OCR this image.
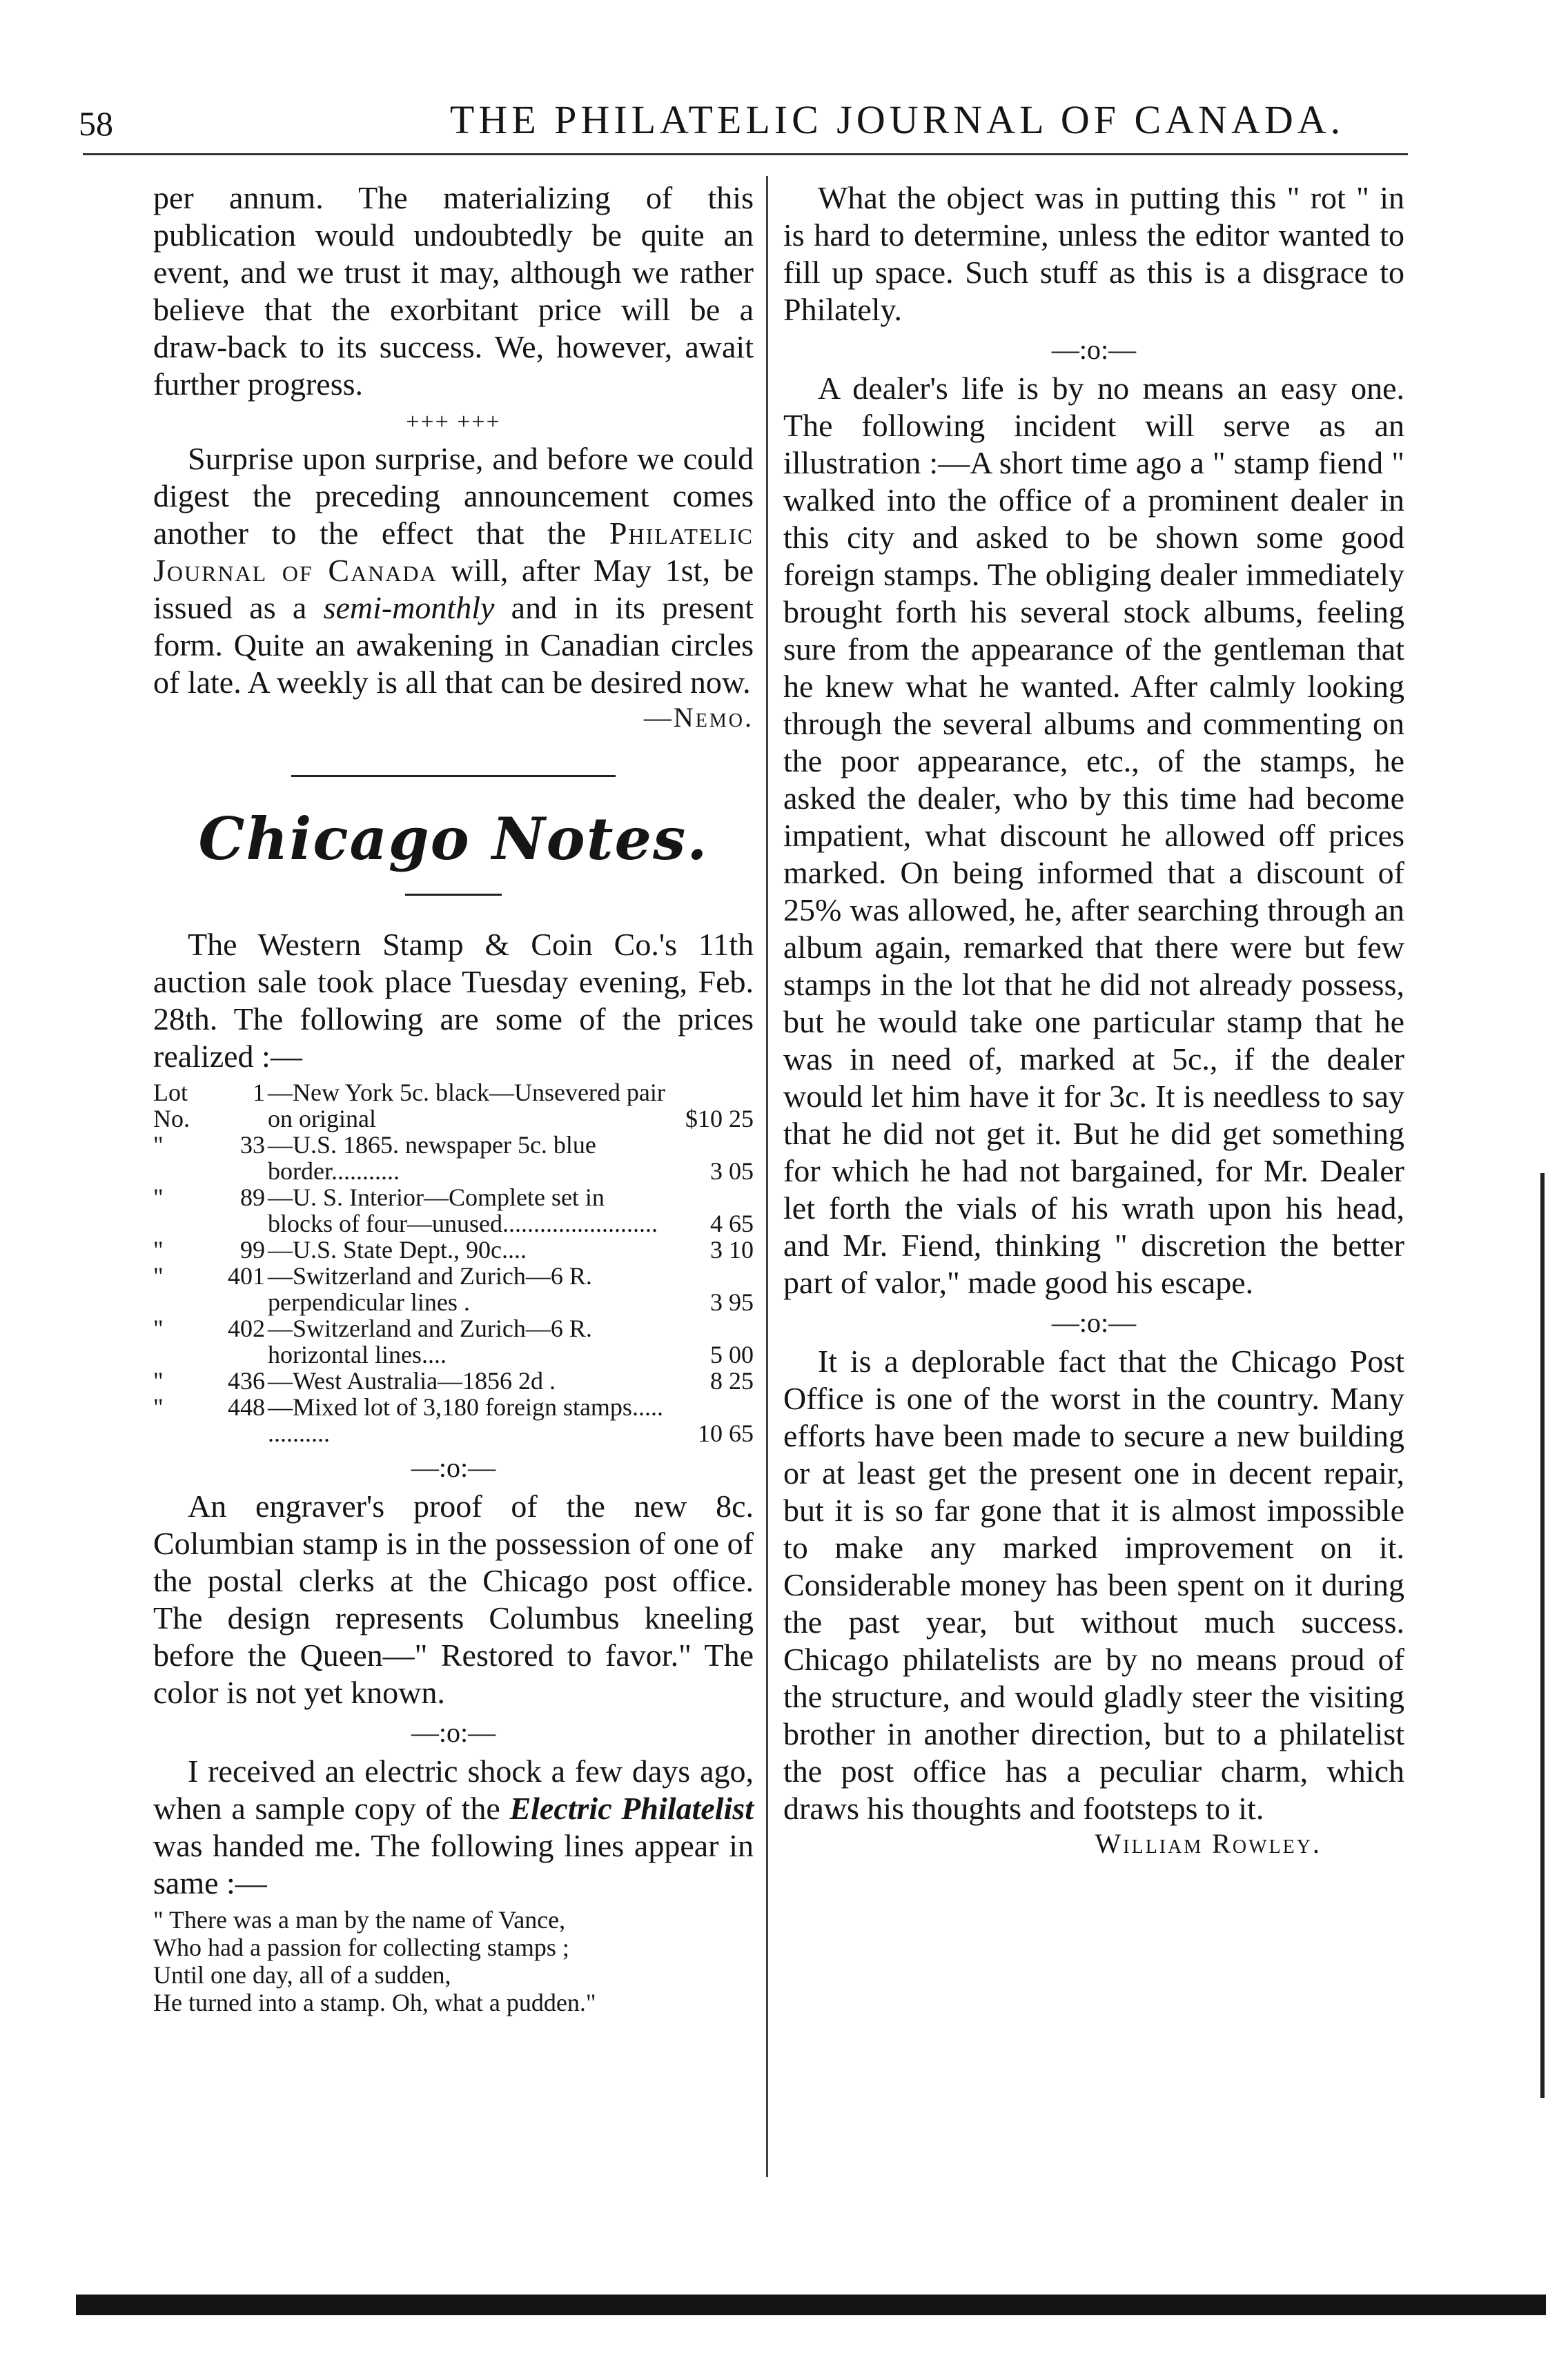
58	THE PHILATELIC JOURNAL OF CANADA.

per annum. The materializing of this publication would undoubtedly be quite an event, and we trust it may, although we rather believe that the exorbitant price will be a draw-back to its success. We, however, await further progress.

+++ +++

Surprise upon surprise, and before we could digest the preceding announcement comes another to the effect that the Philatelic Journal of Canada will, after May 1st, be issued as a semi-monthly and in its present form. Quite an awakening in Canadian circles of late. A weekly is all that can be desired now.

—Nemo.
Chicago Notes.

The Western Stamp & Coin Co.'s 11th auction sale took place Tuesday evening, Feb. 28th. The following are some of the prices realized :—

Lot No.
1 —New York 5c. black—Unsevered pair on original	$10 25
"	33 —U.S. 1865. newspaper 5c. blue border...........	3 05
"	89 —U. S. Interior—Complete set in blocks of four—unused.........................	4 65
"	99 —U.S. State Dept., 90c....	3 10
"	401 —Switzerland and Zurich—6 R. perpendicular lines .	3 95
"	402 —Switzerland and Zurich—6 R. horizontal lines....	5 00
"	436 —West Australia—1856 2d .	8 25
"	448 —Mixed lot of 3,180 foreign stamps..... ..........	10 65
—:o:—

An engraver's proof of the new 8c. Columbian stamp is in the possession of one of the postal clerks at the Chicago post office. The design represents Columbus kneeling before the Queen—" Restored to favor." The color is not yet known.

—:o:—

I received an electric shock a few days ago, when a sample copy of the Electric Philatelist was handed me. The following lines appear in same :—

" There was a man by the name of Vance,
Who had a passion for collecting stamps ;
Until one day, all of a sudden,
He turned into a stamp. Oh, what a pudden."

What the object was in putting this " rot " in is hard to determine, unless the editor wanted to fill up space. Such stuff as this is a disgrace to Philately.

—:o:—

A dealer's life is by no means an easy one. The following incident will serve as an illustration :—A short time ago a " stamp fiend " walked into the office of a prominent dealer in this city and asked to be shown some good foreign stamps. The obliging dealer immediately brought forth his several stock albums, feeling sure from the appearance of the gentleman that he knew what he wanted. After calmly looking through the several albums and commenting on the poor appearance, etc., of the stamps, he asked the dealer, who by this time had become impatient, what discount he allowed off prices marked. On being informed that a discount of 25% was allowed, he, after searching through an album again, remarked that there were but few stamps in the lot that he did not already possess, but he would take one particular stamp that he was in need of, marked at 5c., if the dealer would let him have it for 3c. It is needless to say that he did not get it. But he did get something for which he had not bargained, for Mr. Dealer let forth the vials of his wrath upon his head, and Mr. Fiend, thinking " discretion the better part of valor," made good his escape.

—:o:—

It is a deplorable fact that the Chicago Post Office is one of the worst in the country. Many efforts have been made to secure a new building or at least get the present one in decent repair, but it is so far gone that it is almost impossible to make any marked improvement on it. Considerable money has been spent on it during the past year, but without much success. Chicago philatelists are by no means proud of the structure, and would gladly steer the visiting brother in another direction, but to a philatelist the post office has a peculiar charm, which draws his thoughts and footsteps to it.

William Rowley.
